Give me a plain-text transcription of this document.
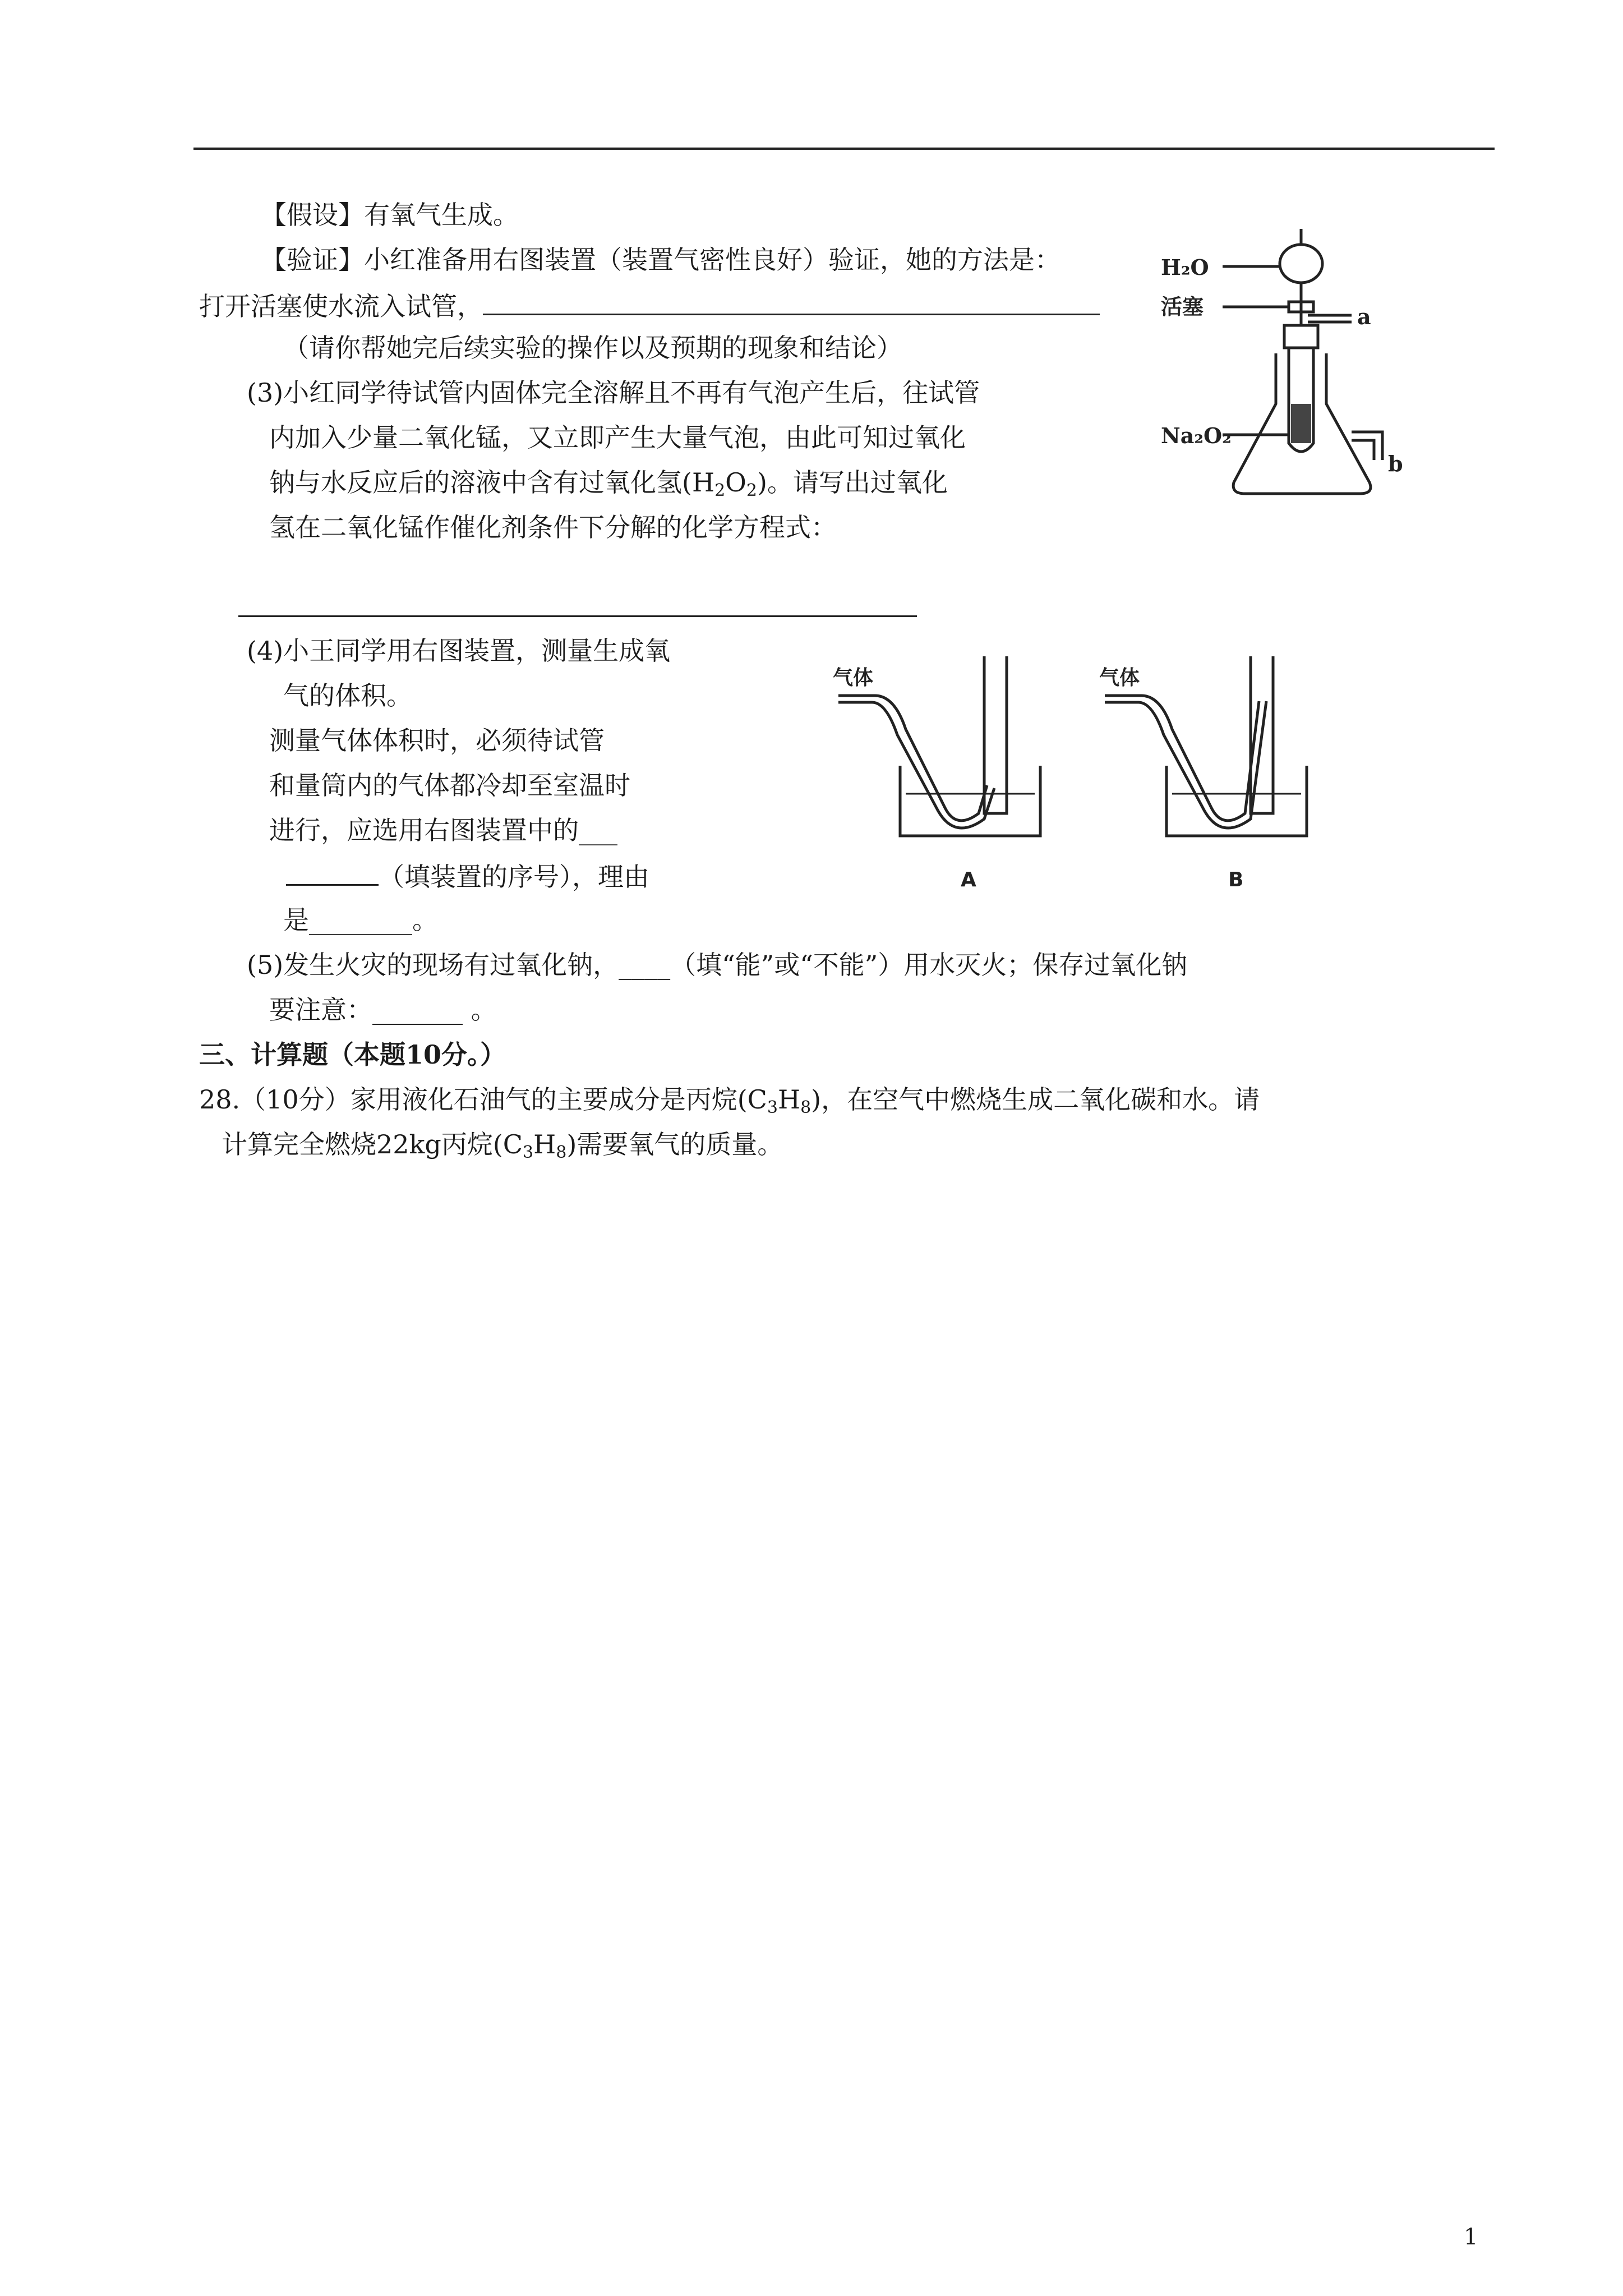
【假设】有氧气生成。
【验证】小红准备用右图装置（装置气密性良好）验证，她的方法是：
打开活塞使水流入试管，
（请你帮她完后续实验的操作以及预期的现象和结论）
(3)小红同学待试管内固体完全溶解且不再有气泡产生后，往试管
内加入少量二氧化锰，又立即产生大量气泡，由此可知过氧化
钠与水反应后的溶液中含有过氧化氢$(H_2O_2)$。请写出过氧化
氢在二氧化锰作催化剂条件下分解的化学方程式：
(4)小王同学用右图装置，测量生成氧
气的体积。
测量气体体积时，必须待试管
和量筒内的气体都冷却至室温时
进行，应选用右图装置中的___
（填装置的序号），理由
是________。
(5)发生火灾的现场有过氧化钠，____（填“能”或“不能”）用水灭火；保存过氧化钠
要注意：_______ 。
三、计算题（本题10分。）
28.（10分）家用液化石油气的主要成分是丙烷$(C_3H_8)$，在空气中燃烧生成二氧化碳和水。请
计算完全燃烧22kg丙烷$(C_3H_8)$需要氧气的质量。
H₂O
活塞	a
Na₂O₂
b
气体	气体
A	B
1
